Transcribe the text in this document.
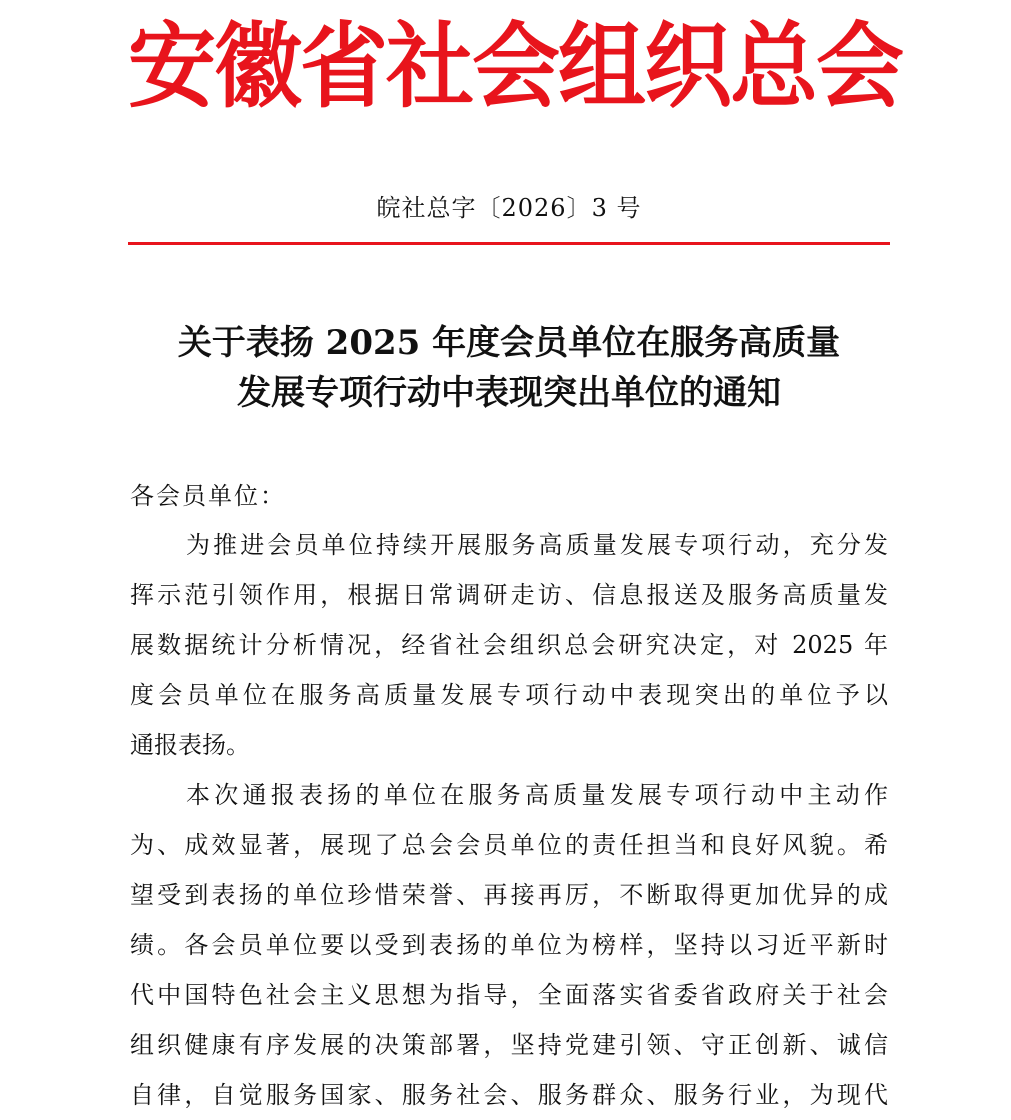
安徽省社会组织总会
皖社总字〔2026〕3 号
关于表扬 2025 年度会员单位在服务高质量
发展专项行动中表现突出单位的通知
各会员单位：
为推进会员单位持续开展服务高质量发展专项行动，充分发
挥示范引领作用，根据日常调研走访、信息报送及服务高质量发
展数据统计分析情况，经省社会组织总会研究决定，对 2025 年
度会员单位在服务高质量发展专项行动中表现突出的单位予以
通报表扬。
本次通报表扬的单位在服务高质量发展专项行动中主动作
为、成效显著，展现了总会会员单位的责任担当和良好风貌。希
望受到表扬的单位珍惜荣誉、再接再厉，不断取得更加优异的成
绩。各会员单位要以受到表扬的单位为榜样，坚持以习近平新时
代中国特色社会主义思想为指导，全面落实省委省政府关于社会
组织健康有序发展的决策部署，坚持党建引领、守正创新、诚信
自律，自觉服务国家、服务社会、服务群众、服务行业，为现代
